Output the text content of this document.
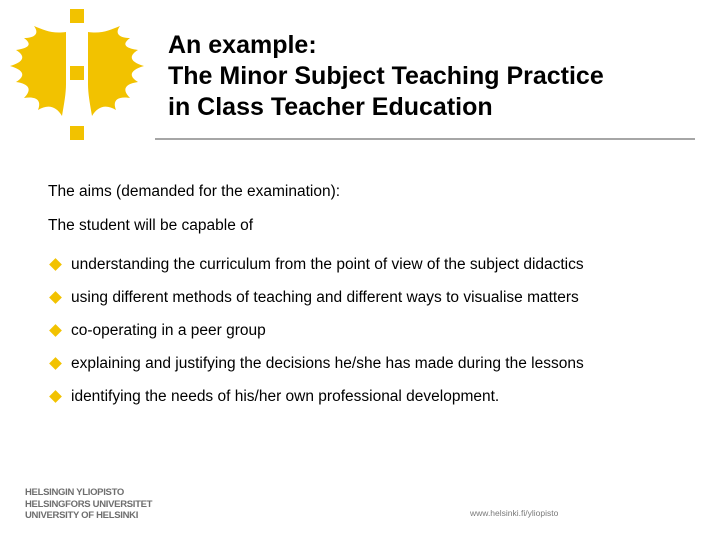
An example:
The Minor Subject Teaching Practice
in Class Teacher Education
The aims (demanded for the examination):
The student will be capable of
understanding the curriculum from the point of view of the subject didactics
using different methods of teaching and different ways to visualise matters
co-operating in a peer group
explaining and justifying the decisions he/she has made during the lessons
identifying the needs of his/her own professional development.
HELSINGIN YLIOPISTO
HELSINGFORS UNIVERSITET
UNIVERSITY OF HELSINKI	www.helsinki.fi/yliopisto
